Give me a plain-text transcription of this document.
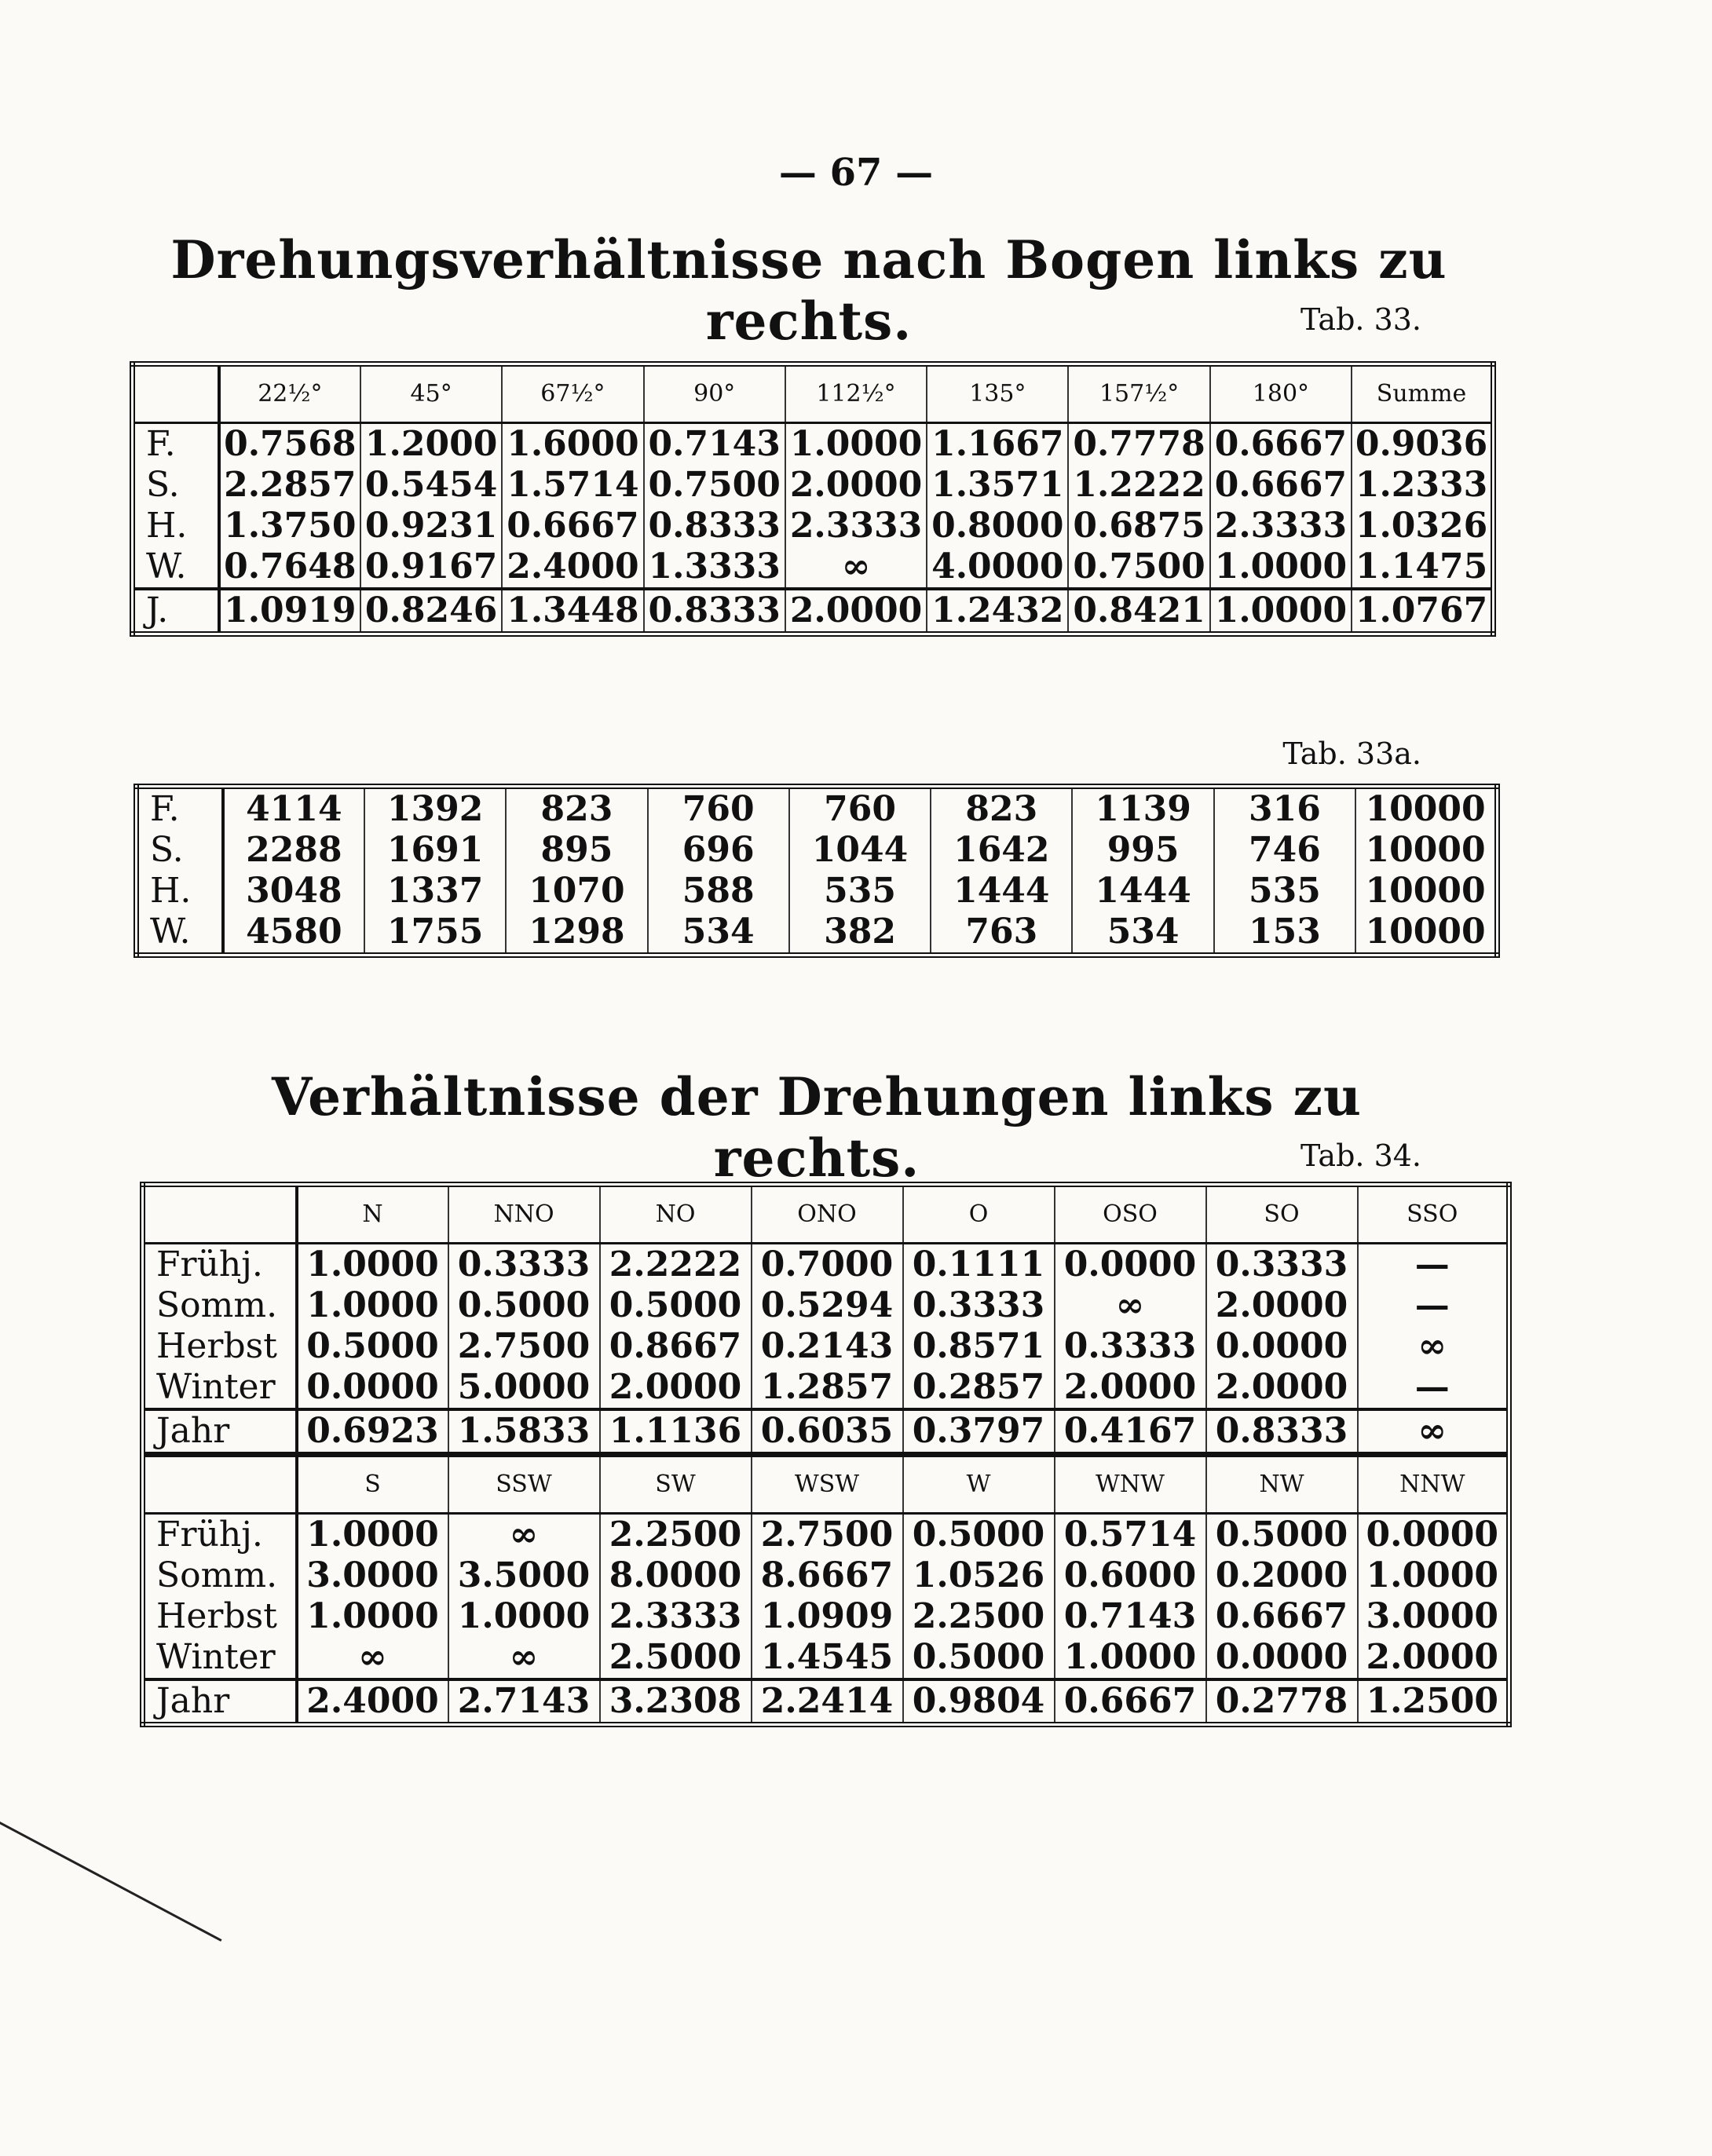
— 67 —
Drehungsverhältnisse nach Bogen links zu rechts.	Tab. 33.
	22½°	45°	67½°	90°	112½°	135°	157½°	180°	Summe
F.	0.7568	1.2000	1.6000	0.7143	1.0000	1.1667	0.7778	0.6667	0.9036
S.	2.2857	0.5454	1.5714	0.7500	2.0000	1.3571	1.2222	0.6667	1.2333
H.	1.3750	0.9231	0.6667	0.8333	2.3333	0.8000	0.6875	2.3333	1.0326
W.	0.7648	0.9167	2.4000	1.3333	∞	4.0000	0.7500	1.0000	1.1475
J.	1.0919	0.8246	1.3448	0.8333	2.0000	1.2432	0.8421	1.0000	1.0767
Tab. 33a.
F.	4114	1392	823	760	760	823	1139	316	10000
S.	2288	1691	895	696	1044	1642	995	746	10000
H.	3048	1337	1070	588	535	1444	1444	535	10000
W.	4580	1755	1298	534	382	763	534	153	10000
Verhältnisse der Drehungen links zu rechts.	Tab. 34.
	N	NNO	NO	ONO	O	OSO	SO	SSO
Frühj.	1.0000	0.3333	2.2222	0.7000	0.1111	0.0000	0.3333	—
Somm.	1.0000	0.5000	0.5000	0.5294	0.3333	∞	2.0000	—
Herbst	0.5000	2.7500	0.8667	0.2143	0.8571	0.3333	0.0000	∞
Winter	0.0000	5.0000	2.0000	1.2857	0.2857	2.0000	2.0000	—
Jahr	0.6923	1.5833	1.1136	0.6035	0.3797	0.4167	0.8333	∞
	S	SSW	SW	WSW	W	WNW	NW	NNW
Frühj.	1.0000	∞	2.2500	2.7500	0.5000	0.5714	0.5000	0.0000
Somm.	3.0000	3.5000	8.0000	8.6667	1.0526	0.6000	0.2000	1.0000
Herbst	1.0000	1.0000	2.3333	1.0909	2.2500	0.7143	0.6667	3.0000
Winter	∞	∞	2.5000	1.4545	0.5000	1.0000	0.0000	2.0000
Jahr	2.4000	2.7143	3.2308	2.2414	0.9804	0.6667	0.2778	1.2500
